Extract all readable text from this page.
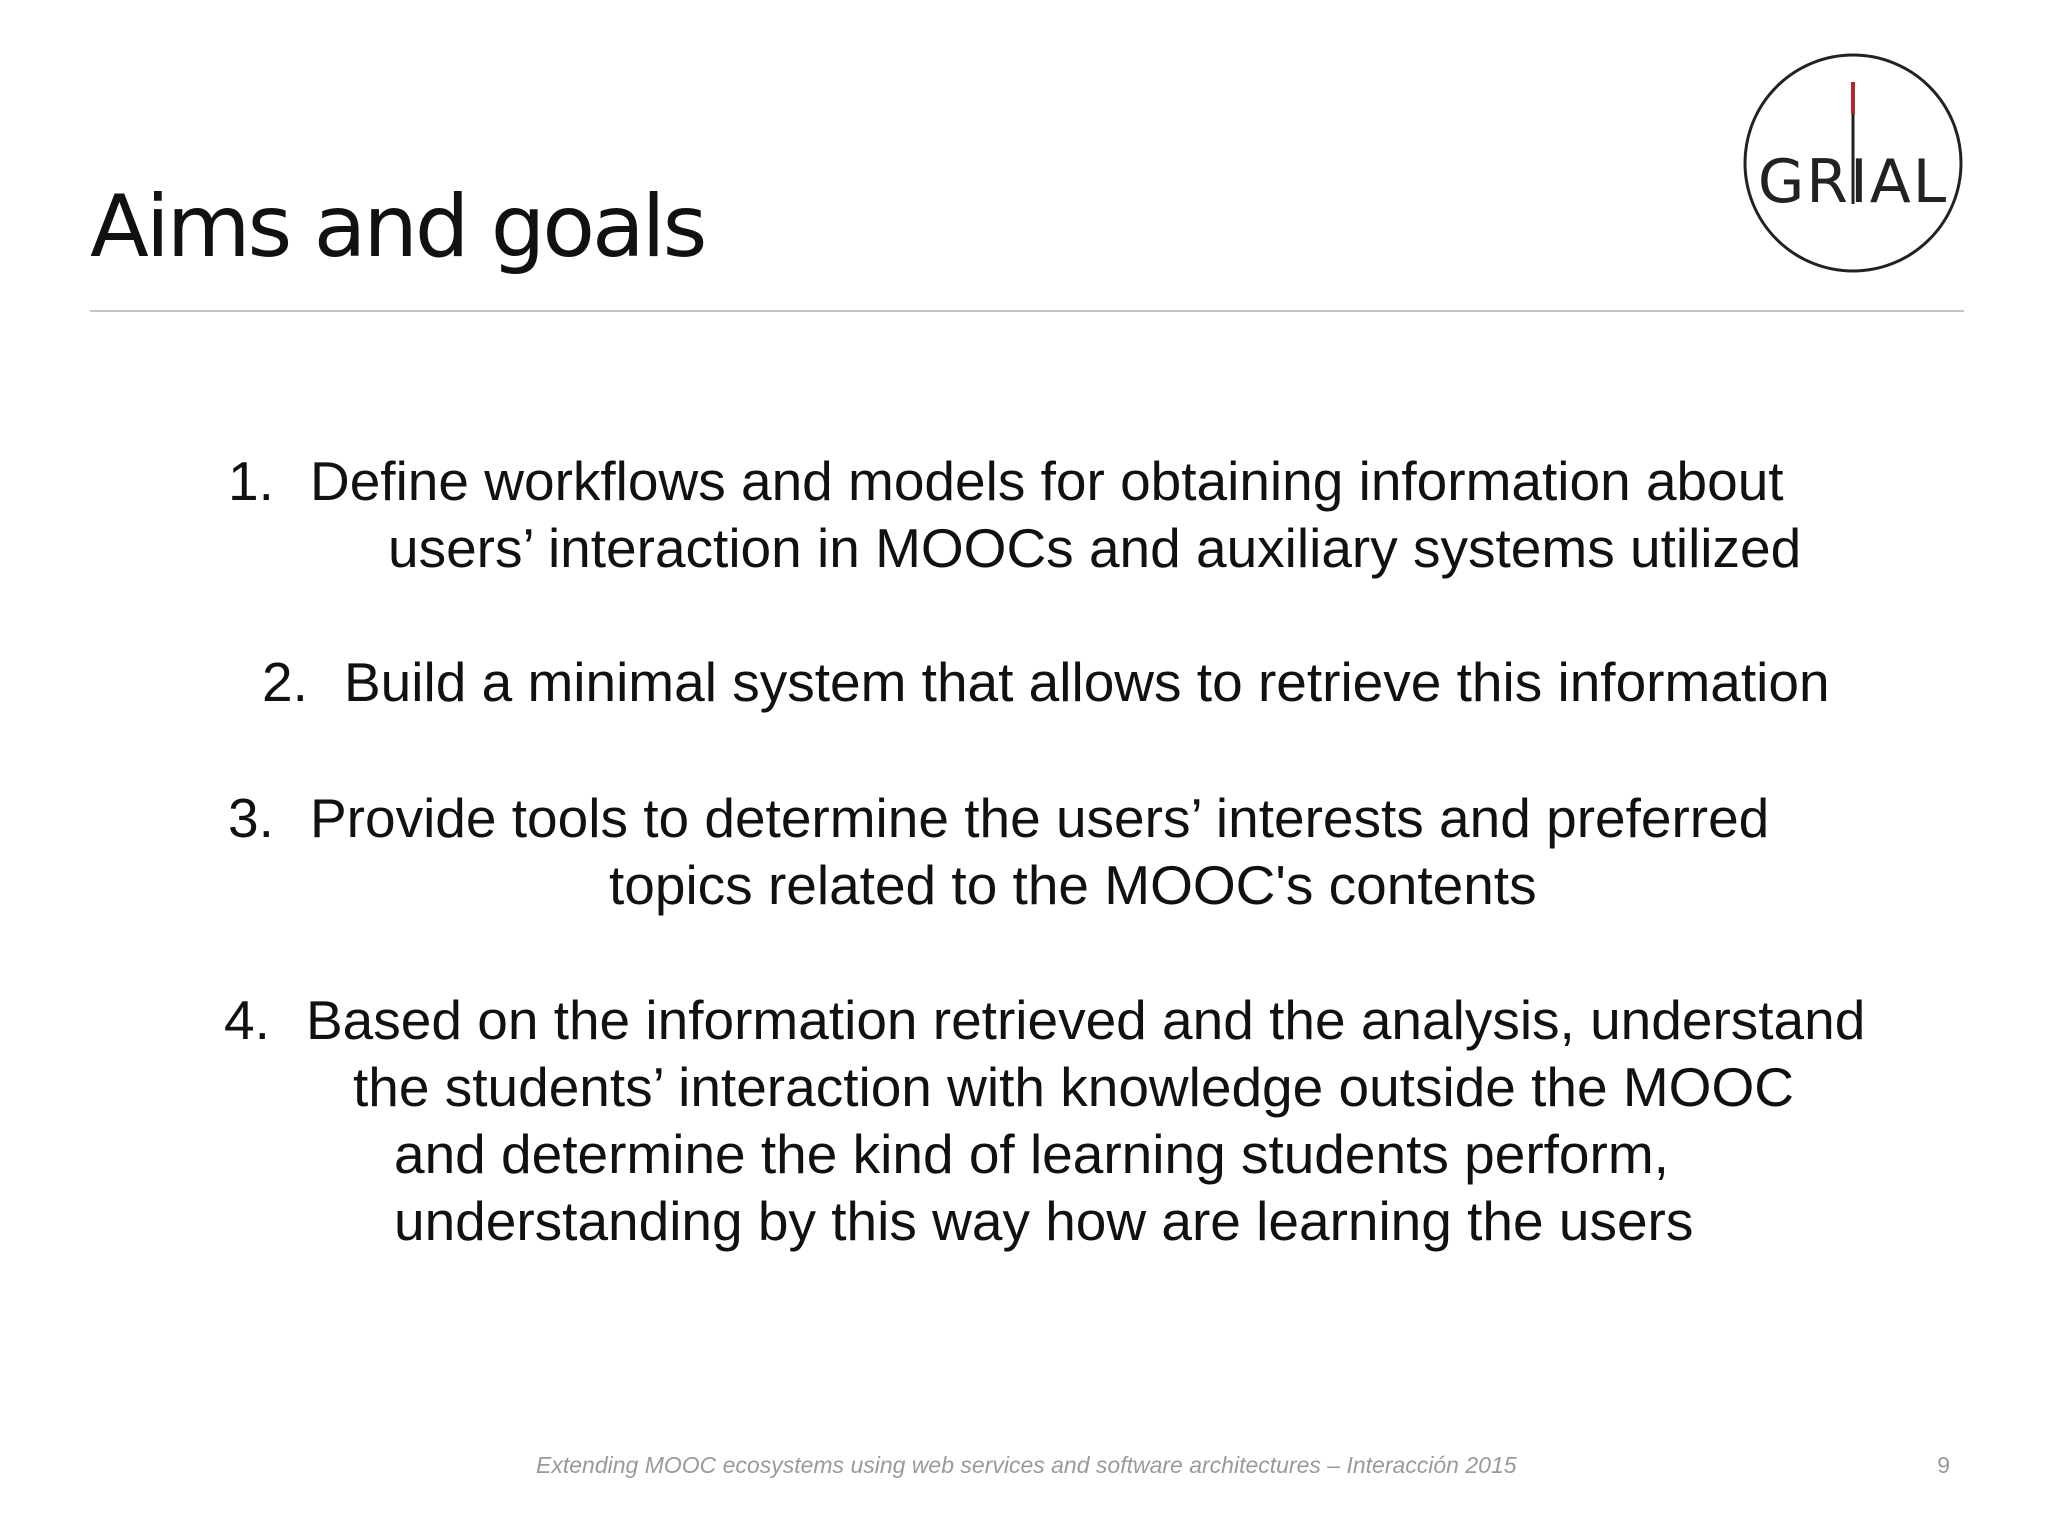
Aims and goals	GRIAL
1. Define workflows and models for obtaining information about
users’ interaction in MOOCs and auxiliary systems utilized
2. Build a minimal system that allows to retrieve this information
3. Provide tools to determine the users’ interests and preferred
topics related to the MOOC's contents
4. Based on the information retrieved and the analysis, understand
the students’ interaction with knowledge outside the MOOC
and determine the kind of learning students perform,
understanding by this way how are learning the users
Extending MOOC ecosystems using web services and software architectures – Interacción 2015	9
